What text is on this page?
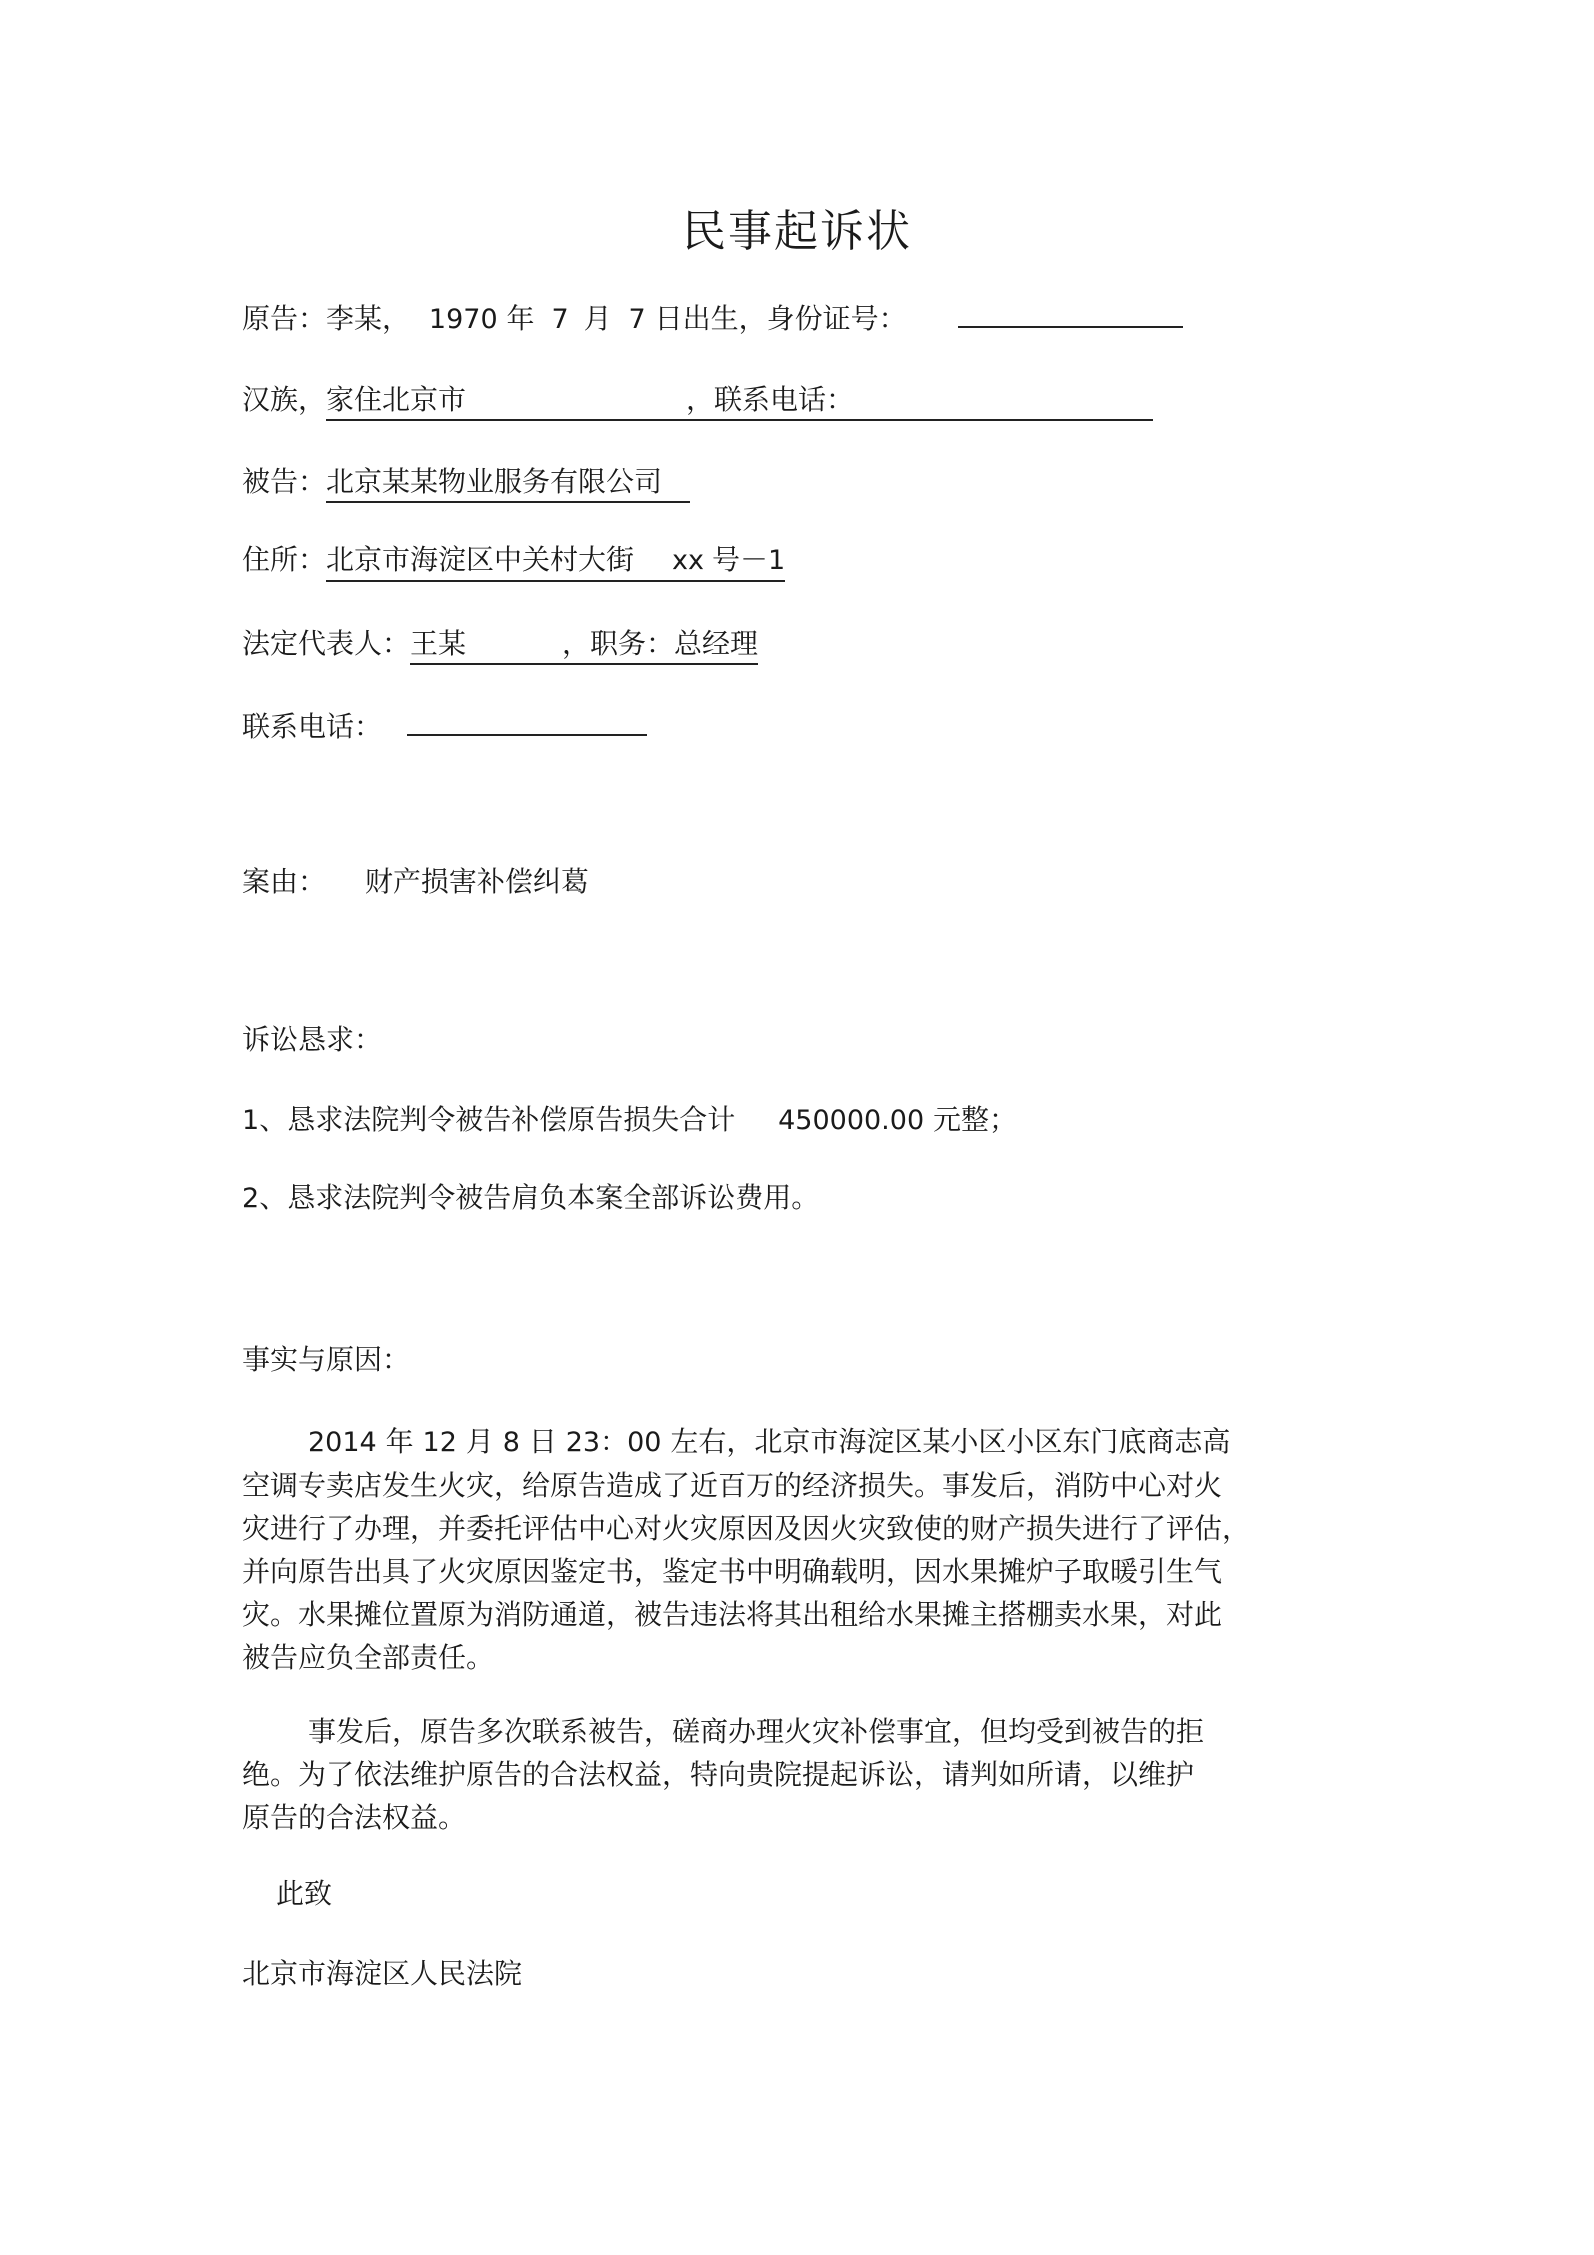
民事起诉状
原告：李某， 1970 年 7 月 7 日出生，身份证号：
汉族，家住北京市	，联系电话：
被告：北京某某物业服务有限公司
住所：北京市海淀区中关村大街 xx 号－1
法定代表人：王某	，职务：总经理
联系电话：
案由： 财产损害补偿纠葛
诉讼恳求：
1、恳求法院判令被告补偿原告损失合计 450000.00 元整；
2、恳求法院判令被告肩负本案全部诉讼费用。
事实与原因：
2014 年 12 月 8 日 23：00 左右，北京市海淀区某小区小区东门底商志高
空调专卖店发生火灾，给原告造成了近百万的经济损失。事发后，消防中心对火
灾进行了办理，并委托评估中心对火灾原因及因火灾致使的财产损失进行了评估，
并向原告出具了火灾原因鉴定书，鉴定书中明确载明，因水果摊炉子取暖引生气
灾。水果摊位置原为消防通道，被告违法将其出租给水果摊主搭棚卖水果，对此
被告应负全部责任。
事发后，原告多次联系被告，磋商办理火灾补偿事宜，但均受到被告的拒
绝。为了依法维护原告的合法权益，特向贵院提起诉讼，请判如所请，以维护
原告的合法权益。
此致
北京市海淀区人民法院
